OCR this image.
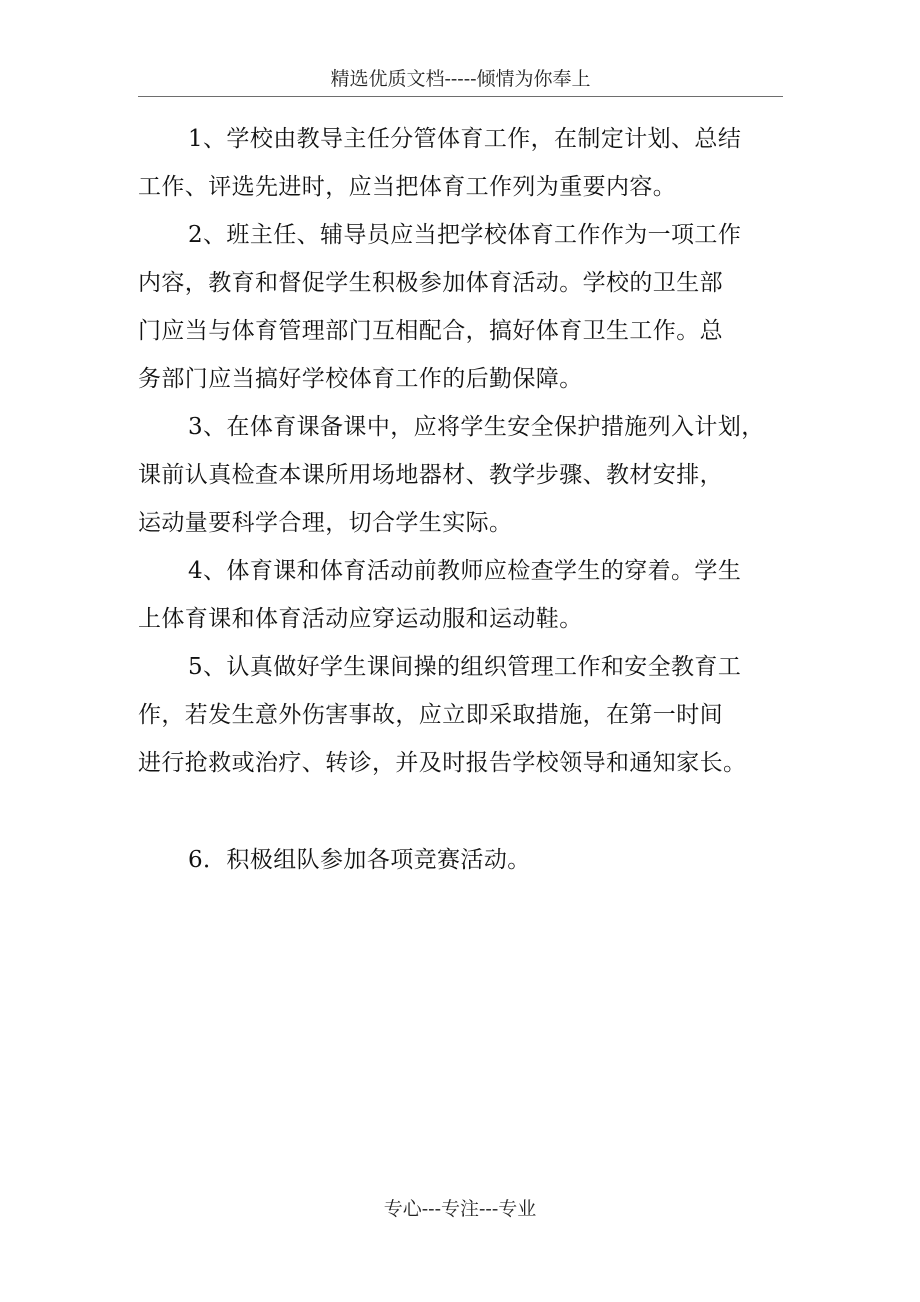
精选优质文档-----倾情为你奉上
1、学校由教导主任分管体育工作，在制定计划、总结
工作、评选先进时，应当把体育工作列为重要内容。
2、班主任、辅导员应当把学校体育工作作为一项工作
内容，教育和督促学生积极参加体育活动。学校的卫生部
门应当与体育管理部门互相配合，搞好体育卫生工作。总
务部门应当搞好学校体育工作的后勤保障。
3、在体育课备课中，应将学生安全保护措施列入计划，
课前认真检查本课所用场地器材、教学步骤、教材安排，
运动量要科学合理，切合学生实际。
4、体育课和体育活动前教师应检查学生的穿着。学生
上体育课和体育活动应穿运动服和运动鞋。
5、认真做好学生课间操的组织管理工作和安全教育工
作，若发生意外伤害事故，应立即采取措施，在第一时间
进行抢救或治疗、转诊，并及时报告学校领导和通知家长。
6．积极组队参加各项竞赛活动。
专心---专注---专业
